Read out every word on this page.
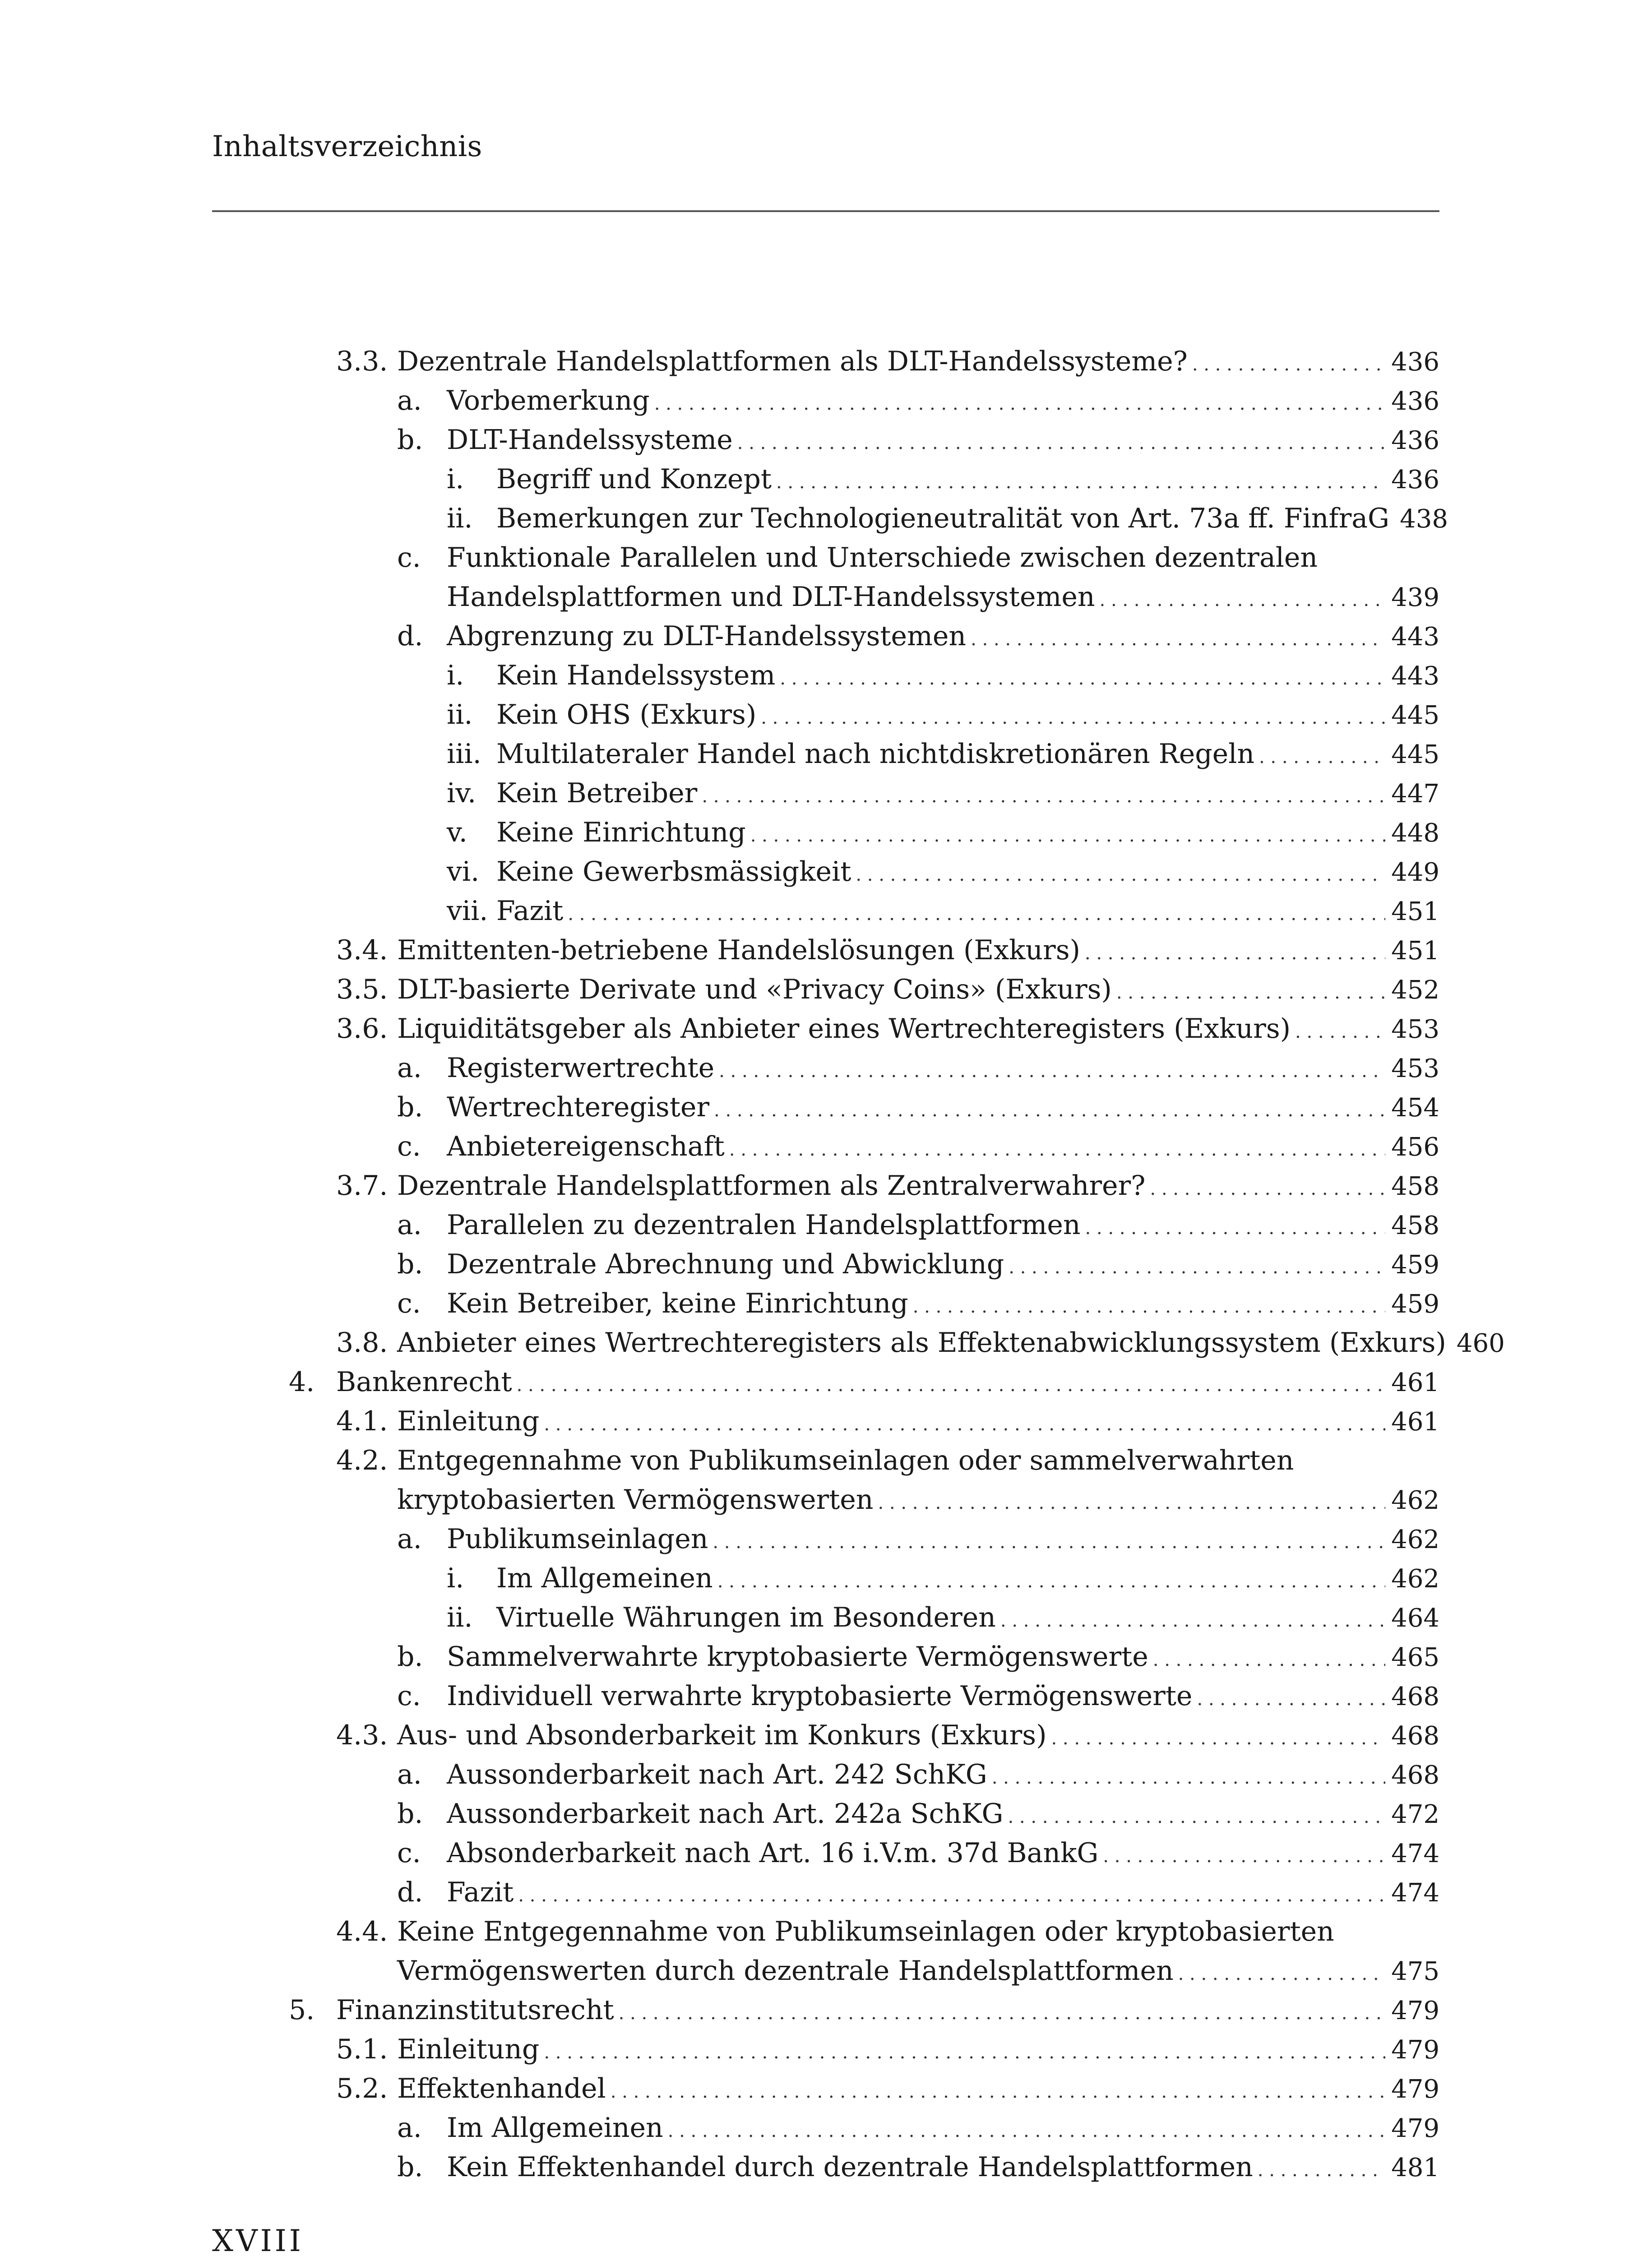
Inhaltsverzeichnis
3.3. Dezentrale Handelsplattformen als DLT-Handelssysteme? . . .	436
a. Vorbemerkung . . .	436
b. DLT-Handelssysteme . . .	436
i. Begriff und Konzept . . .	436
ii. Bemerkungen zur Technologieneutralität von Art. 73a ff. FinfraG 438
c. Funktionale Parallelen und Unterschiede zwischen dezentralen
Handelsplattformen und DLT-Handelssystemen . . .	439
d. Abgrenzung zu DLT-Handelssystemen . . .	443
i. Kein Handelssystem . . .	443
ii. Kein OHS (Exkurs) . . .	445
iii. Multilateraler Handel nach nichtdiskretionären Regeln . . .	445
iv. Kein Betreiber . . .	447
v. Keine Einrichtung . . .	448
vi. Keine Gewerbsmässigkeit . . .	449
vii. Fazit . . .	451
3.4. Emittenten-betriebene Handelslösungen (Exkurs) . . .	451
3.5. DLT-basierte Derivate und «Privacy Coins» (Exkurs) . . .	452
3.6. Liquiditätsgeber als Anbieter eines Wertrechteregisters (Exkurs) . . .	453
a. Registerwertrechte . . .	453
b. Wertrechteregister . . .	454
c. Anbietereigenschaft . . .	456
3.7. Dezentrale Handelsplattformen als Zentralverwahrer? . . .	458
a. Parallelen zu dezentralen Handelsplattformen . . .	458
b. Dezentrale Abrechnung und Abwicklung . . .	459
c. Kein Betreiber, keine Einrichtung . . .	459
3.8. Anbieter eines Wertrechteregisters als Effektenabwicklungssystem (Exkurs) 460
4. Bankenrecht . . .	461
4.1. Einleitung . . .	461
4.2. Entgegennahme von Publikumseinlagen oder sammelverwahrten
kryptobasierten Vermögenswerten . . .	462
a. Publikumseinlagen . . .	462
i. Im Allgemeinen . . .	462
ii. Virtuelle Währungen im Besonderen . . .	464
b. Sammelverwahrte kryptobasierte Vermögenswerte . . .	465
c. Individuell verwahrte kryptobasierte Vermögenswerte . . .	468
4.3. Aus- und Absonderbarkeit im Konkurs (Exkurs) . . .	468
a. Aussonderbarkeit nach Art. 242 SchKG . . .	468
b. Aussonderbarkeit nach Art. 242a SchKG . . .	472
c. Absonderbarkeit nach Art. 16 i.V.m. 37d BankG . . .	474
d. Fazit . . .	474
4.4. Keine Entgegennahme von Publikumseinlagen oder kryptobasierten
Vermögenswerten durch dezentrale Handelsplattformen . . .	475
5. Finanzinstitutsrecht . . .	479
5.1. Einleitung . . .	479
5.2. Effektenhandel . . .	479
a. Im Allgemeinen . . .	479
b. Kein Effektenhandel durch dezentrale Handelsplattformen . . .	481
XVIII
